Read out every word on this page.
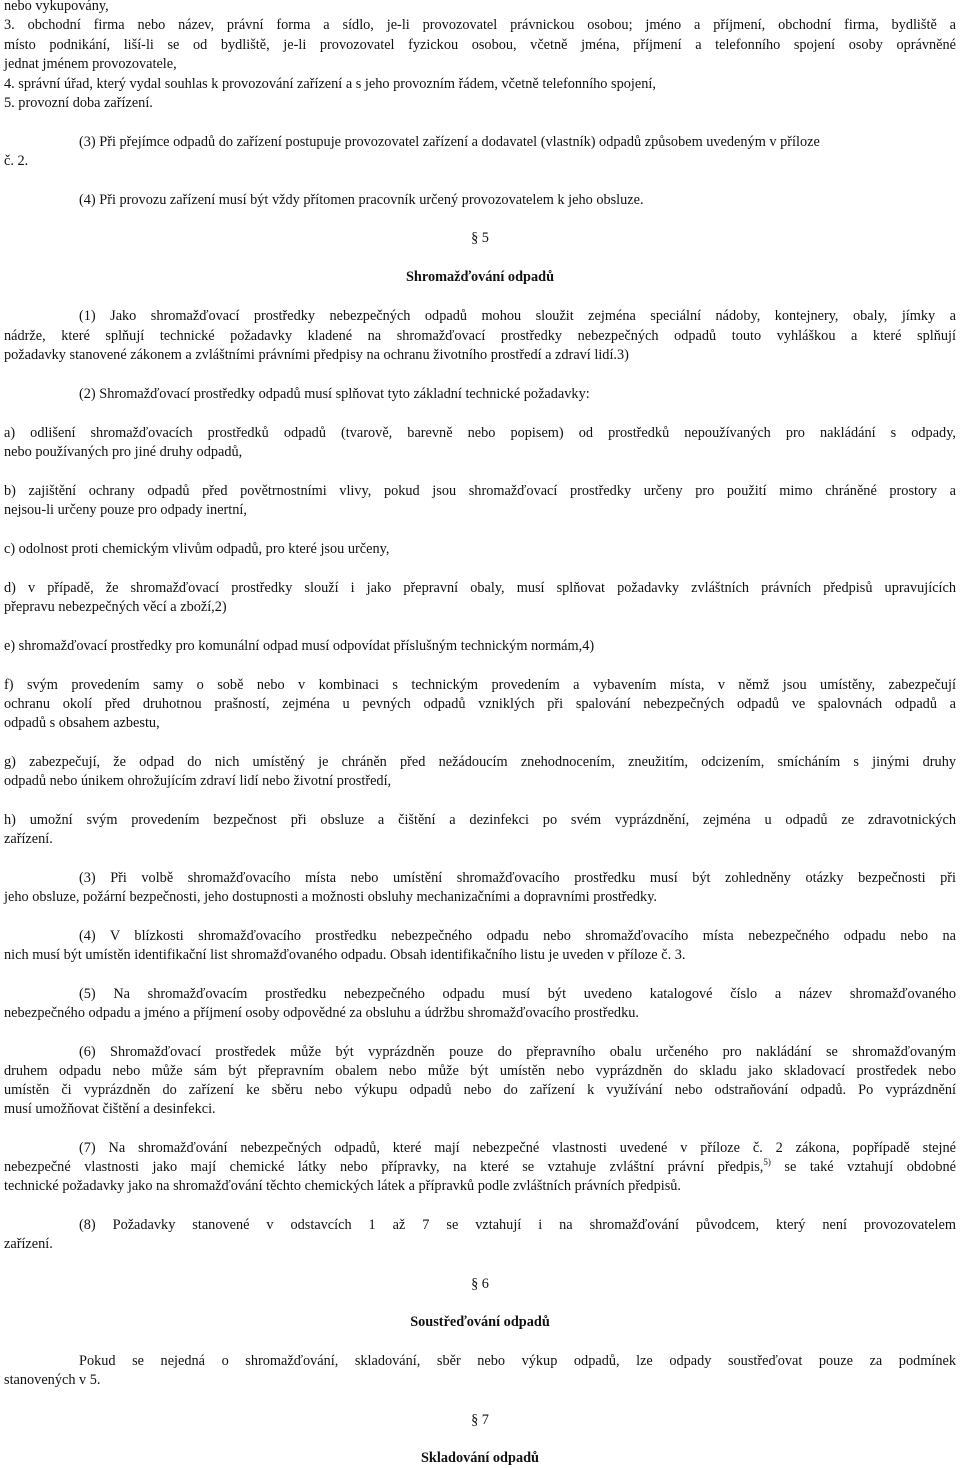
nebo vykupovány,
3. obchodní firma nebo název, právní forma a sídlo, je-li provozovatel právnickou osobou; jméno a příjmení, obchodní firma, bydliště a
místo podnikání, liší-li se od bydliště, je-li provozovatel fyzickou osobou, včetně jména, příjmení a telefonního spojení osoby oprávněné
jednat jménem provozovatele,
4. správní úřad, který vydal souhlas k provozování zařízení a s jeho provozním řádem, včetně telefonního spojení,
5. provozní doba zařízení.
(3) Při přejímce odpadů do zařízení postupuje provozovatel zařízení a dodavatel (vlastník) odpadů způsobem uvedeným v příloze
č. 2.
(4) Při provozu zařízení musí být vždy přítomen pracovník určený provozovatelem k jeho obsluze.
§ 5
Shromažďování odpadů
(1) Jako shromažďovací prostředky nebezpečných odpadů mohou sloužit zejména speciální nádoby, kontejnery, obaly, jímky a
nádrže, které splňují technické požadavky kladené na shromažďovací prostředky nebezpečných odpadů touto vyhláškou a které splňují
požadavky stanovené zákonem a zvláštními právními předpisy na ochranu životního prostředí a zdraví lidí.3)
(2) Shromažďovací prostředky odpadů musí splňovat tyto základní technické požadavky:
a) odlišení shromažďovacích prostředků odpadů (tvarově, barevně nebo popisem) od prostředků nepoužívaných pro nakládání s odpady,
nebo používaných pro jiné druhy odpadů,
b) zajištění ochrany odpadů před povětrnostními vlivy, pokud jsou shromažďovací prostředky určeny pro použití mimo chráněné prostory a
nejsou-li určeny pouze pro odpady inertní,
c) odolnost proti chemickým vlivům odpadů, pro které jsou určeny,
d) v případě, že shromažďovací prostředky slouží i jako přepravní obaly, musí splňovat požadavky zvláštních právních předpisů upravujících
přepravu nebezpečných věcí a zboží,2)
e) shromažďovací prostředky pro komunální odpad musí odpovídat příslušným technickým normám,4)
f) svým provedením samy o sobě nebo v kombinaci s technickým provedením a vybavením místa, v němž jsou umístěny, zabezpečují
ochranu okolí před druhotnou prašností, zejména u pevných odpadů vzniklých při spalování nebezpečných odpadů ve spalovnách odpadů a
odpadů s obsahem azbestu,
g) zabezpečují, že odpad do nich umístěný je chráněn před nežádoucím znehodnocením, zneužitím, odcizením, smícháním s jinými druhy
odpadů nebo únikem ohrožujícím zdraví lidí nebo životní prostředí,
h) umožní svým provedením bezpečnost při obsluze a čištění a dezinfekci po svém vyprázdnění, zejména u odpadů ze zdravotnických
zařízení.
(3) Při volbě shromažďovacího místa nebo umístění shromažďovacího prostředku musí být zohledněny otázky bezpečnosti při
jeho obsluze, požární bezpečnosti, jeho dostupnosti a možnosti obsluhy mechanizačními a dopravními prostředky.
(4) V blízkosti shromažďovacího prostředku nebezpečného odpadu nebo shromažďovacího místa nebezpečného odpadu nebo na
nich musí být umístěn identifikační list shromažďovaného odpadu. Obsah identifikačního listu je uveden v příloze č. 3.
(5) Na shromažďovacím prostředku nebezpečného odpadu musí být uvedeno katalogové číslo a název shromažďovaného
nebezpečného odpadu a jméno a příjmení osoby odpovědné za obsluhu a údržbu shromažďovacího prostředku.
(6) Shromažďovací prostředek může být vyprázdněn pouze do přepravního obalu určeného pro nakládání se shromažďovaným
druhem odpadu nebo může sám být přepravním obalem nebo může být umístěn nebo vyprázdněn do skladu jako skladovací prostředek nebo
umístěn či vyprázdněn do zařízení ke sběru nebo výkupu odpadů nebo do zařízení k využívání nebo odstraňování odpadů. Po vyprázdnění
musí umožňovat čištění a desinfekci.
(7) Na shromažďování nebezpečných odpadů, které mají nebezpečné vlastnosti uvedené v příloze č. 2 zákona, popřípadě stejné
nebezpečné vlastnosti jako mají chemické látky nebo přípravky, na které se vztahuje zvláštní právní předpis,$^{5)}$ se také vztahují obdobné
technické požadavky jako na shromažďování těchto chemických látek a přípravků podle zvláštních právních předpisů.
(8) Požadavky stanovené v odstavcích 1 až 7 se vztahují i na shromažďování původcem, který není provozovatelem
zařízení.
§ 6
Soustřeďování odpadů
Pokud se nejedná o shromažďování, skladování, sběr nebo výkup odpadů, lze odpady soustřeďovat pouze za podmínek
stanovených v 5.
§ 7
Skladování odpadů
